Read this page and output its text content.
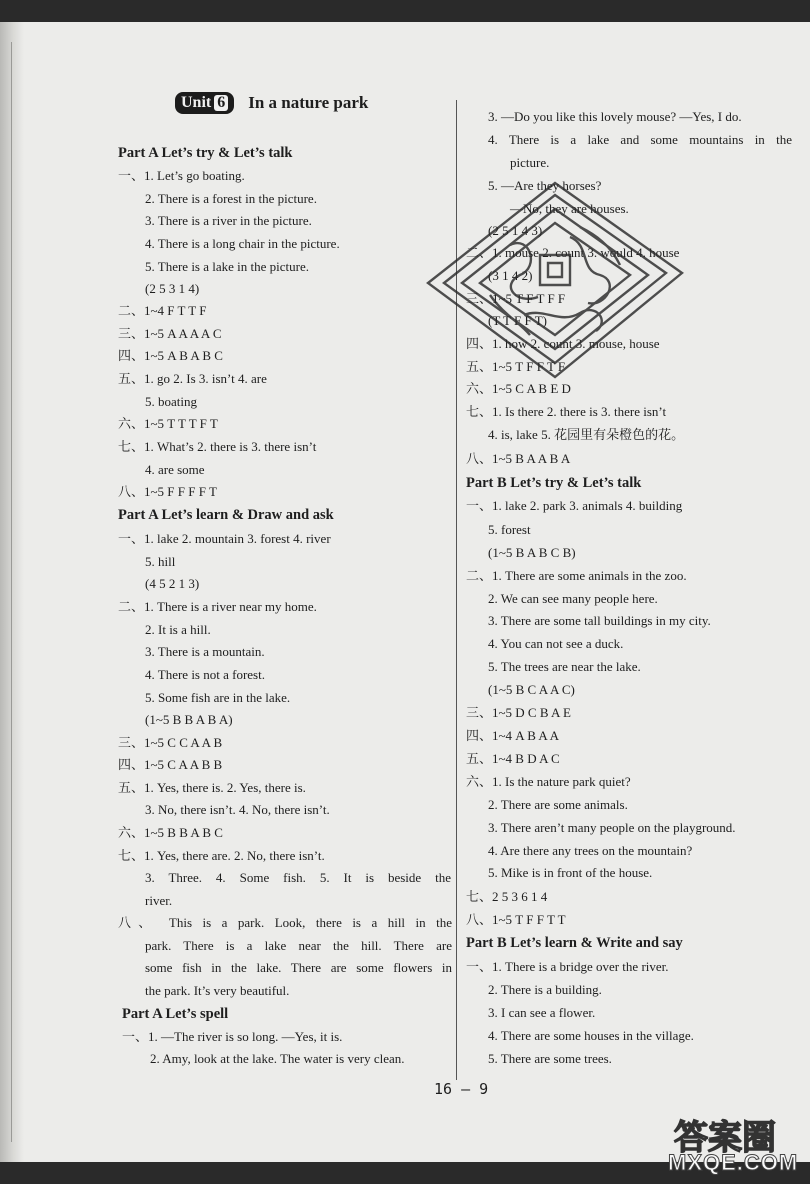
Unit 6	In a nature park
Part A Let’s try & Let’s talk
一、1. Let’s go boating.
2. There is a forest in the picture.
3. There is a river in the picture.
4. There is a long chair in the picture.
5. There is a lake in the picture.
(2 5 3 1 4)
二、1~4 F T T F
三、1~5 A A A A C
四、1~5 A B A B C
五、1. go 2. Is 3. isn’t 4. are
5. boating
六、1~5 T T T F T
七、1. What’s 2. there is 3. there isn’t
4. are some
八、1~5 F F F F T
Part A Let’s learn & Draw and ask
一、1. lake 2. mountain 3. forest 4. river
5. hill
(4 5 2 1 3)
二、1. There is a river near my home.
2. It is a hill.
3. There is a mountain.
4. There is not a forest.
5. Some fish are in the lake.
(1~5 B B A B A)
三、1~5 C C A A B
四、1~5 C A A B B
五、1. Yes, there is. 2. Yes, there is.
3. No, there isn’t. 4. No, there isn’t.
六、1~5 B B A B C
七、1. Yes, there are. 2. No, there isn’t.
3. Three. 4. Some fish. 5. It is beside the
river.
八、 This is a park. Look, there is a hill in the
park. There is a lake near the hill. There are
some fish in the lake. There are some flowers in
the park. It’s very beautiful.
Part A Let’s spell
一、1. —The river is so long. —Yes, it is.
2. Amy, look at the lake. The water is very clean.
3. —Do you like this lovely mouse? —Yes, I do.
4. There is a lake and some mountains in the
picture.
5. —Are they horses?
—No, they are houses.
(2 5 1 4 3)
二、1. mouse 2. count 3. would 4. house
(3 1 4 2)
三、1~5 T F T F F
(T T F F T)
四、1. how 2. count 3. mouse, house
五、1~5 T F F T F
六、1~5 C A B E D
七、1. Is there 2. there is 3. there isn’t
4. is, lake 5. 花园里有朵橙色的花。
八、1~5 B A A B A
Part B Let’s try & Let’s talk
一、1. lake 2. park 3. animals 4. building
5. forest
(1~5 B A B C B)
二、1. There are some animals in the zoo.
2. We can see many people here.
3. There are some tall buildings in my city.
4. You can not see a duck.
5. The trees are near the lake.
(1~5 B C A A C)
三、1~5 D C B A E
四、1~4 A B A A
五、1~4 B D A C
六、1. Is the nature park quiet?
2. There are some animals.
3. There aren’t many people on the playground.
4. Are there any trees on the mountain?
5. Mike is in front of the house.
七、2 5 3 6 1 4
八、1~5 T F F T T
Part B Let’s learn & Write and say
一、1. There is a bridge over the river.
2. There is a building.
3. I can see a flower.
4. There are some houses in the village.
5. There are some trees.
16 — 9
答案圈
MXQE.COM
